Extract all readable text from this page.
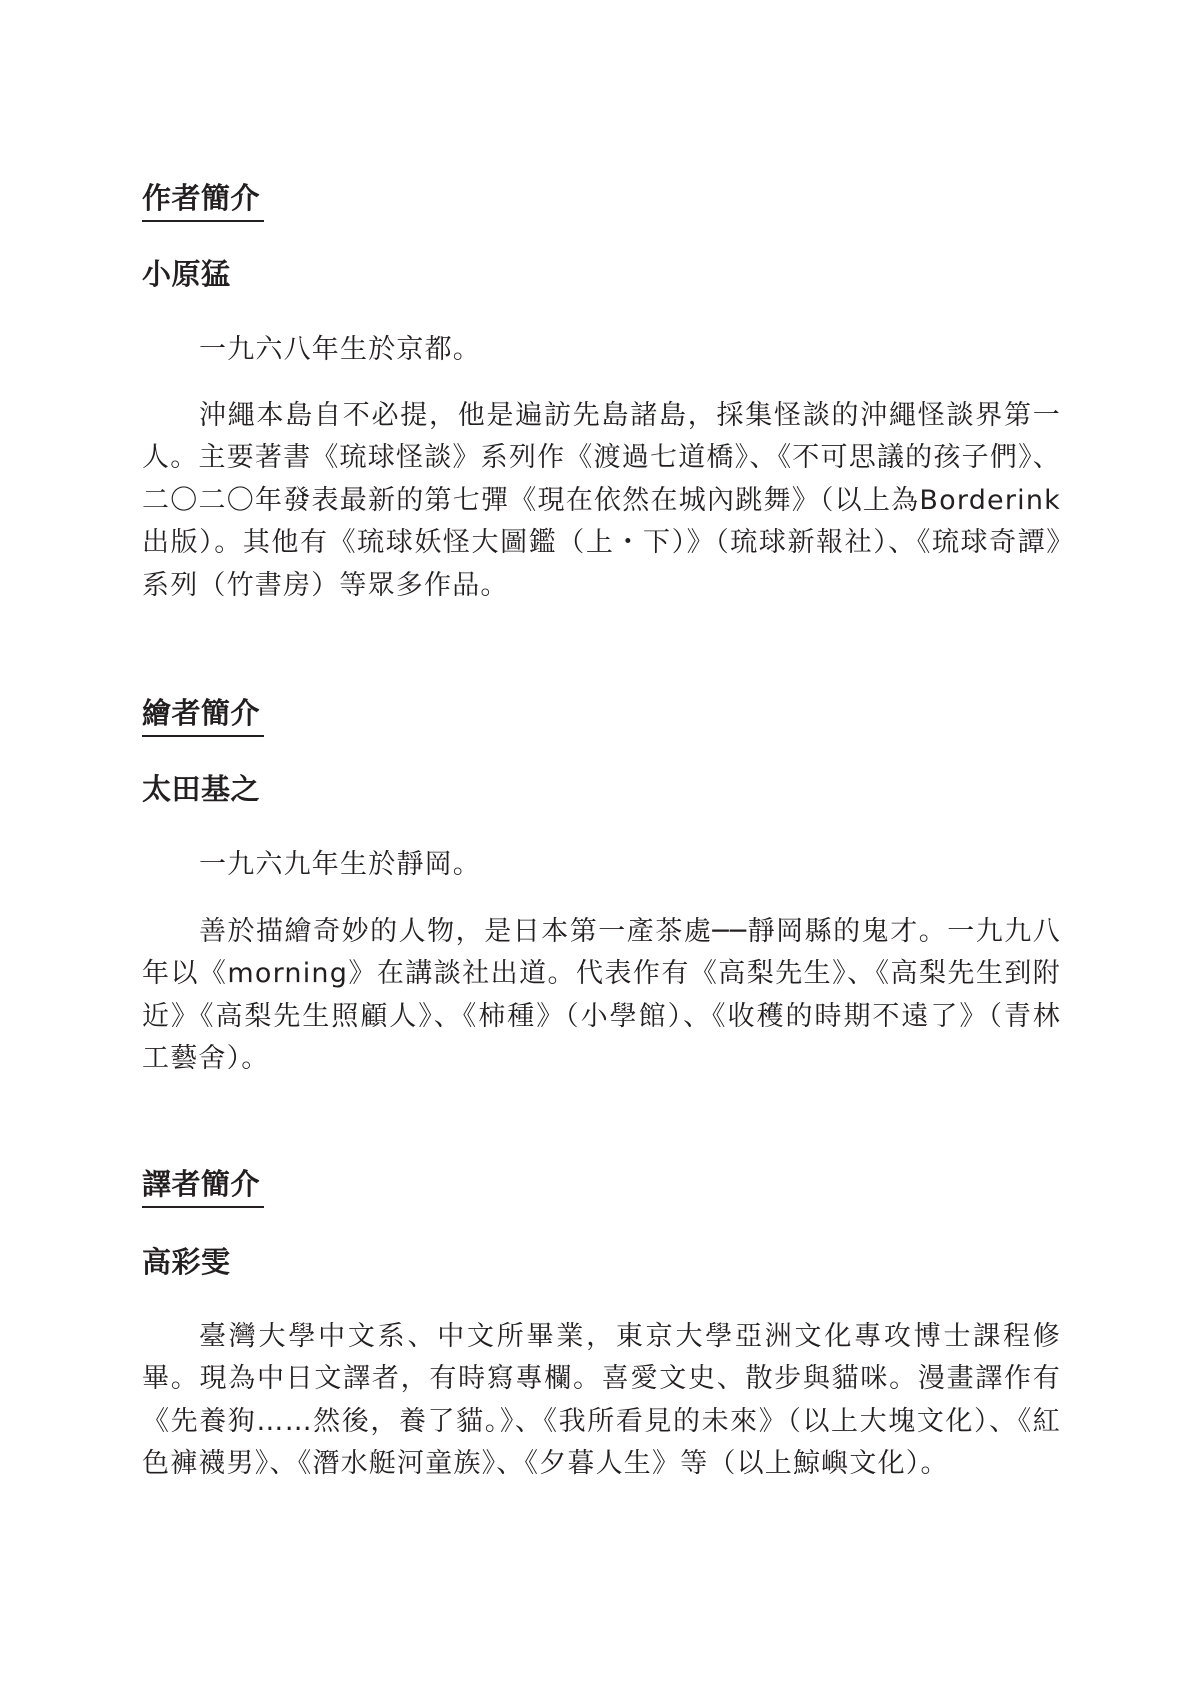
作者簡介
小原猛

一九六八年生於京都。

沖繩本島自不必提，他是遍訪先島諸島，採集怪談的沖繩怪談界第一人。主要著書《琉球怪談》系列作《渡過七道橋》、《不可思議的孩子們》、二〇二〇年發表最新的第七彈《現在依然在城內跳舞》（以上為Borderink出版）。其他有《琉球妖怪大圖鑑（上・下）》（琉球新報社）、《琉球奇譚》系列（竹書房）等眾多作品。

繪者簡介
太田基之

一九六九年生於靜岡。

善於描繪奇妙的人物，是日本第一產茶處──靜岡縣的鬼才。一九九八年以《morning》在講談社出道。代表作有《高梨先生》、《高梨先生到附近》《高梨先生照顧人》、《柿種》（小學館）、《收穫的時期不遠了》（青林工藝舍）。

譯者簡介
高彩雯

臺灣大學中文系、中文所畢業，東京大學亞洲文化專攻博士課程修畢。現為中日文譯者，有時寫專欄。喜愛文史、散步與貓咪。漫畫譯作有《先養狗……然後，養了貓。》、《我所看見的未來》（以上大塊文化）、《紅色褲襪男》、《潛水艇河童族》、《夕暮人生》等（以上鯨嶼文化）。
